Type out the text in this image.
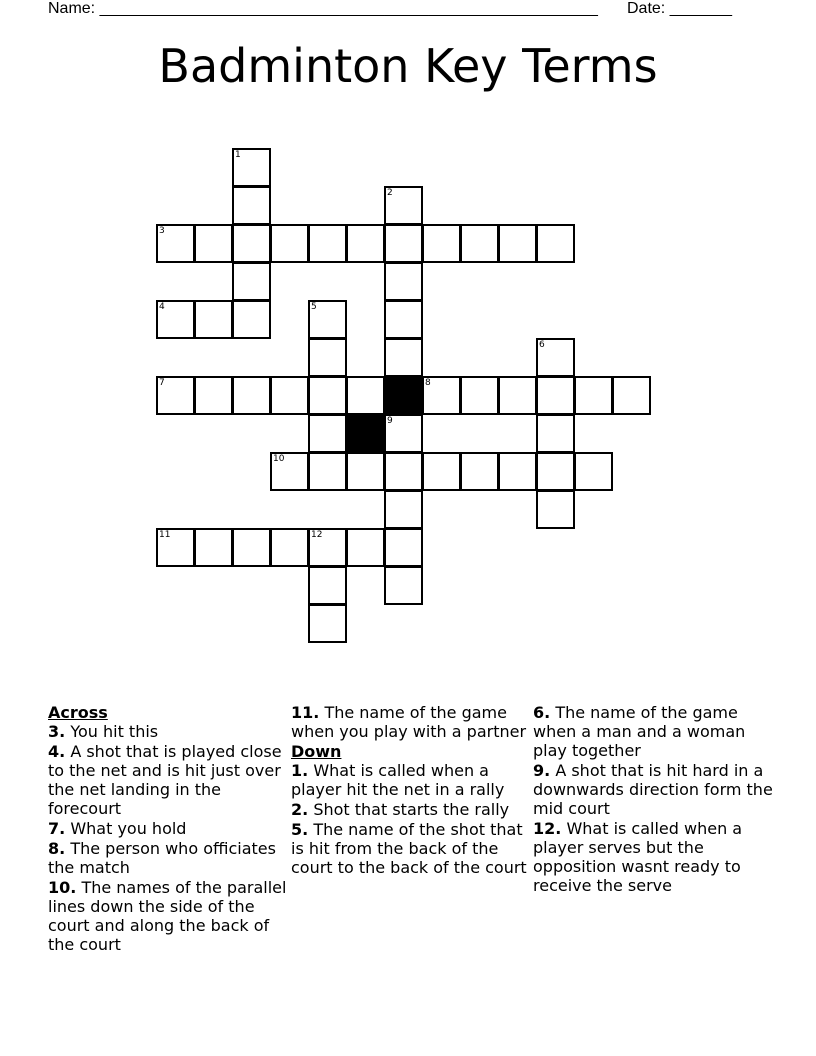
Name: ________________________________________________________ Date: _______
Badminton Key Terms
1
2
3
4	5
6
7	8
9
10
11	12
Across
3. You hit this
4. A shot that is played close to the net and is hit just over the net landing in the forecourt
7. What you hold
8. The person who officiates the match
10. The names of the parallel lines down the side of the court and along the back of the court
11. The name of the game when you play with a partner
Down
1. What is called when a player hit the net in a rally
2. Shot that starts the rally
5. The name of the shot that is hit from the back of the court to the back of the court
6. The name of the game when a man and a woman play together
9. A shot that is hit hard in a downwards direction form the mid court
12. What is called when a player serves but the opposition wasnt ready to receive the serve
